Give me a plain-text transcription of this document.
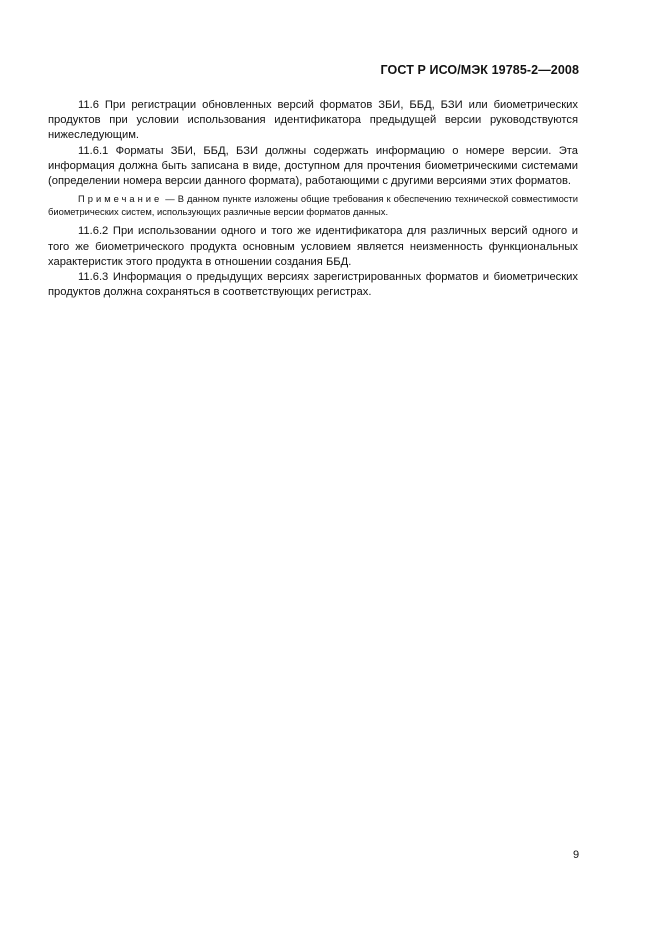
ГОСТ Р ИСО/МЭК 19785-2—2008

11.6 При регистрации обновленных версий форматов ЗБИ, ББД, БЗИ или биометрических продуктов при условии использования идентификатора предыдущей версии руководствуются нижеследующим.

11.6.1 Форматы ЗБИ, ББД, БЗИ должны содержать информацию о номере версии. Эта информация должна быть записана в виде, доступном для прочтения биометрическими системами (определении номера версии данного формата), работающими с другими версиями этих форматов.

Примечание — В данном пункте изложены общие требования к обеспечению технической совместимости биометрических систем, использующих различные версии форматов данных.

11.6.2 При использовании одного и того же идентификатора для различных версий одного и того же биометрического продукта основным условием является неизменность функциональных характеристик этого продукта в отношении создания ББД.

11.6.3 Информация о предыдущих версиях зарегистрированных форматов и биометрических продуктов должна сохраняться в соответствующих регистрах.

9
